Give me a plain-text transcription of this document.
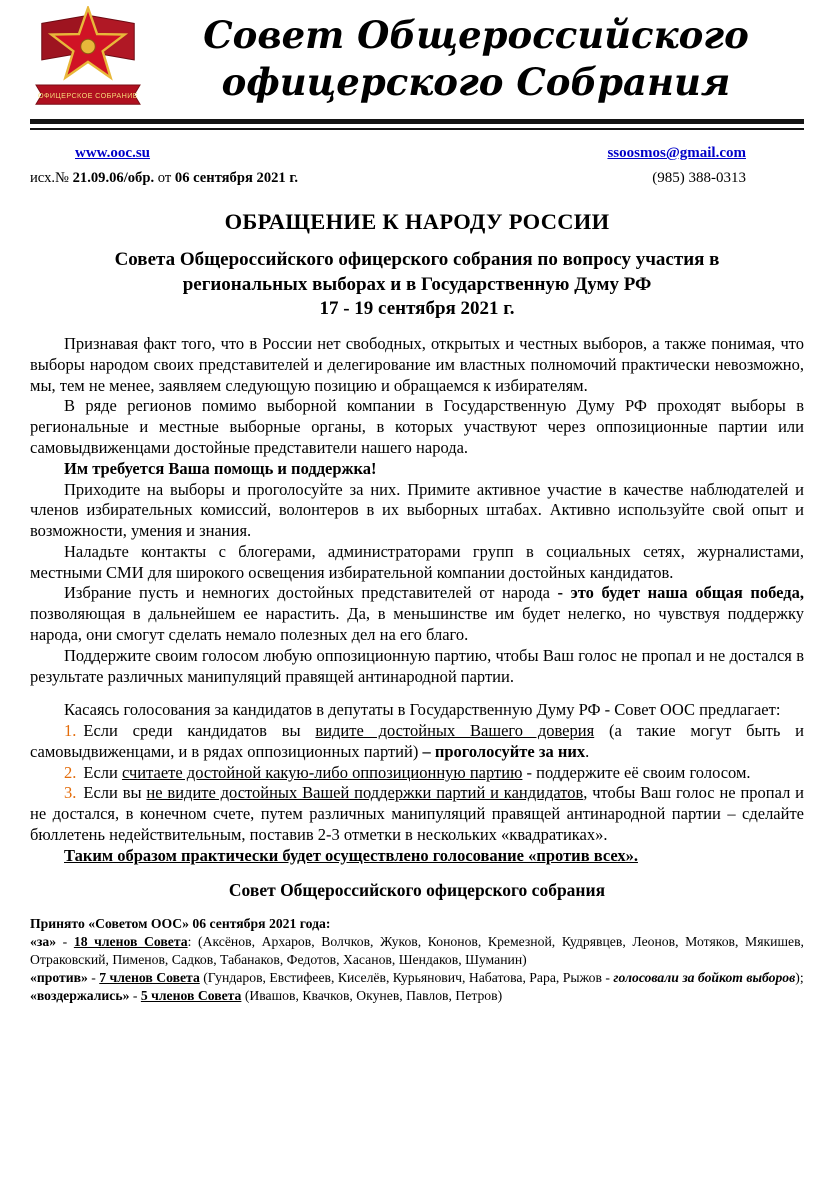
ОФИЦЕРСКОЕ СОБРАНИЕ
Совет Общероссийского
офицерского Собрания
www.ooc.su	ssoosmos@gmail.com
исх.№ 21.09.06/обр. от 06 сентября 2021 г.	(985) 388-0313
ОБРАЩЕНИЕ К НАРОДУ РОССИИ
Совета Общероссийского офицерского собрания по вопросу участия в региональных выборах и в Государственную Думу РФ
17 - 19 сентября 2021 г.

Признавая факт того, что в России нет свободных, открытых и честных выборов, а также понимая, что выборы народом своих представителей и делегирование им властных полномочий практически невозможно, мы, тем не менее, заявляем следующую позицию и обращаемся к избирателям.

В ряде регионов помимо выборной компании в Государственную Думу РФ проходят выборы в региональные и местные выборные органы, в которых участвуют через оппозиционные партии или самовыдвиженцами достойные представители нашего народа.

Им требуется Ваша помощь и поддержка!

Приходите на выборы и проголосуйте за них. Примите активное участие в качестве наблюдателей и членов избирательных комиссий, волонтеров в их выборных штабах. Активно используйте свой опыт и возможности, умения и знания.

Наладьте контакты с блогерами, администраторами групп в социальных сетях, журналистами, местными СМИ для широкого освещения избирательной компании достойных кандидатов.

Избрание пусть и немногих достойных представителей от народа - это будет наша общая победа, позволяющая в дальнейшем ее нарастить. Да, в меньшинстве им будет нелегко, но чувствуя поддержку народа, они смогут сделать немало полезных дел на его благо.

Поддержите своим голосом любую оппозиционную партию, чтобы Ваш голос не пропал и не достался в результате различных манипуляций правящей антинародной партии.

Касаясь голосования за кандидатов в депутаты в Государственную Думу РФ - Совет ООС предлагает:

1. Если среди кандидатов вы видите достойных Вашего доверия (а такие могут быть и самовыдвиженцами, и в рядах оппозиционных партий) – проголосуйте за них.

2. Если считаете достойной какую-либо оппозиционную партию - поддержите её своим голосом.

3. Если вы не видите достойных Вашей поддержки партий и кандидатов, чтобы Ваш голос не пропал и не достался, в конечном счете, путем различных манипуляций правящей антинародной партии – сделайте бюллетень недействительным, поставив 2-3 отметки в нескольких «квадратиках».

Таким образом практически будет осуществлено голосование «против всех».

Совет Общероссийского офицерского собрания

Принято «Советом ООС» 06 сентября 2021 года:

«за» - 18 членов Совета: (Аксёнов, Архаров, Волчков, Жуков, Кононов, Кремезной, Кудрявцев, Леонов, Мотяков, Мякишев, Отраковский, Пименов, Садков, Табанаков, Федотов, Хасанов, Шендаков, Шуманин)

«против» - 7 членов Совета (Гундаров, Евстифеев, Киселёв, Курьянович, Набатова, Рара, Рыжов - голосовали за бойкот выборов);

«воздержались» - 5 членов Совета (Ивашов, Квачков, Окунев, Павлов, Петров)
